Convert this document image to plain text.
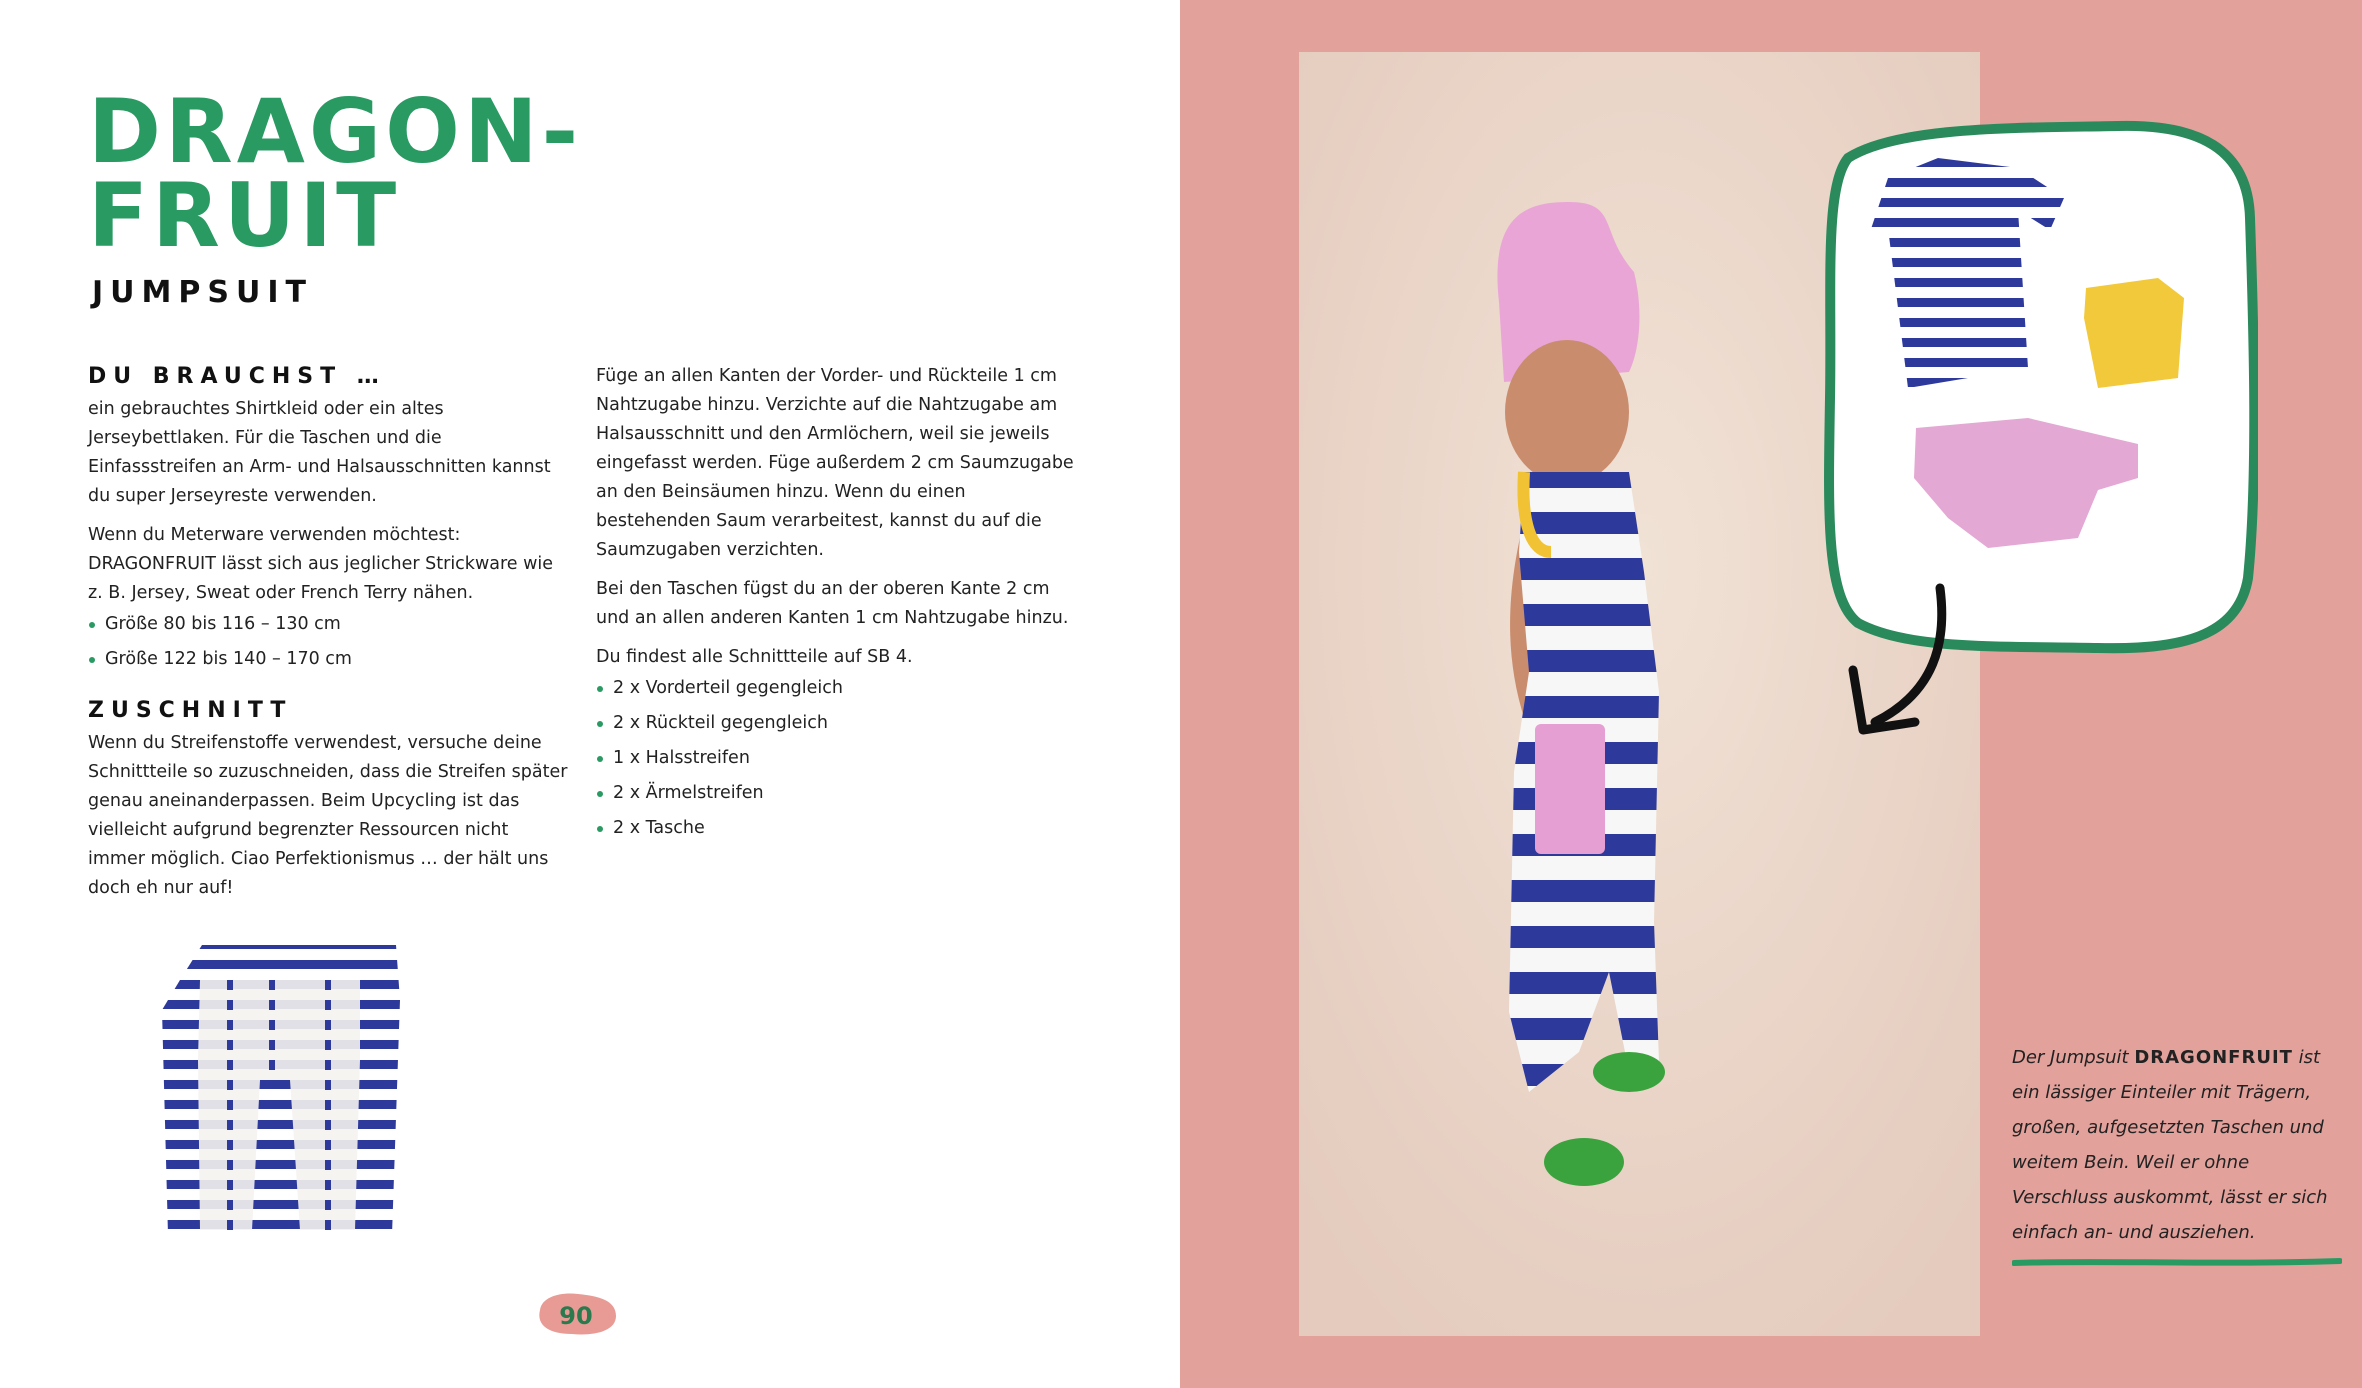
DRAGON-
FRUIT
JUMPSUIT
DU BRAUCHST …

ein gebrauchtes Shirtkleid oder ein altes Jerseybettlaken. Für die Taschen und die Einfassstreifen an Arm- und Halsausschnitten kannst du super Jerseyreste verwenden.

Wenn du Meterware verwenden möchtest: DRAGONFRUIT lässt sich aus jeglicher Strickware wie z. B. Jersey, Sweat oder French Terry nähen.

Größe 80 bis 116 – 130 cm
Größe 122 bis 140 – 170 cm
ZUSCHNITT

Wenn du Streifenstoffe verwendest, versuche deine Schnittteile so zuzuschneiden, dass die Streifen später genau aneinanderpassen. Beim Upcycling ist das vielleicht aufgrund begrenzter Ressourcen nicht immer möglich. Ciao Perfektionismus … der hält uns doch eh nur auf!

Füge an allen Kanten der Vorder- und Rückteile 1 cm Nahtzugabe hinzu. Verzichte auf die Nahtzugabe am Halsausschnitt und den Armlöchern, weil sie jeweils eingefasst werden. Füge außerdem 2 cm Saumzugabe an den Beinsäumen hinzu. Wenn du einen bestehenden Saum verarbeitest, kannst du auf die Saumzugaben verzichten.

Bei den Taschen fügst du an der oberen Kante 2 cm und an allen anderen Kanten 1 cm Nahtzugabe hinzu.

Du findest alle Schnittteile auf SB 4.

2 x Vorderteil gegengleich
2 x Rückteil gegengleich
1 x Halsstreifen
2 x Ärmelstreifen
2 x Tasche
90
Der Jumpsuit DRAGONFRUIT ist ein lässiger Einteiler mit Trägern, großen, aufgesetzten Taschen und weitem Bein. Weil er ohne Verschluss auskommt, lässt er sich einfach an- und ausziehen.
